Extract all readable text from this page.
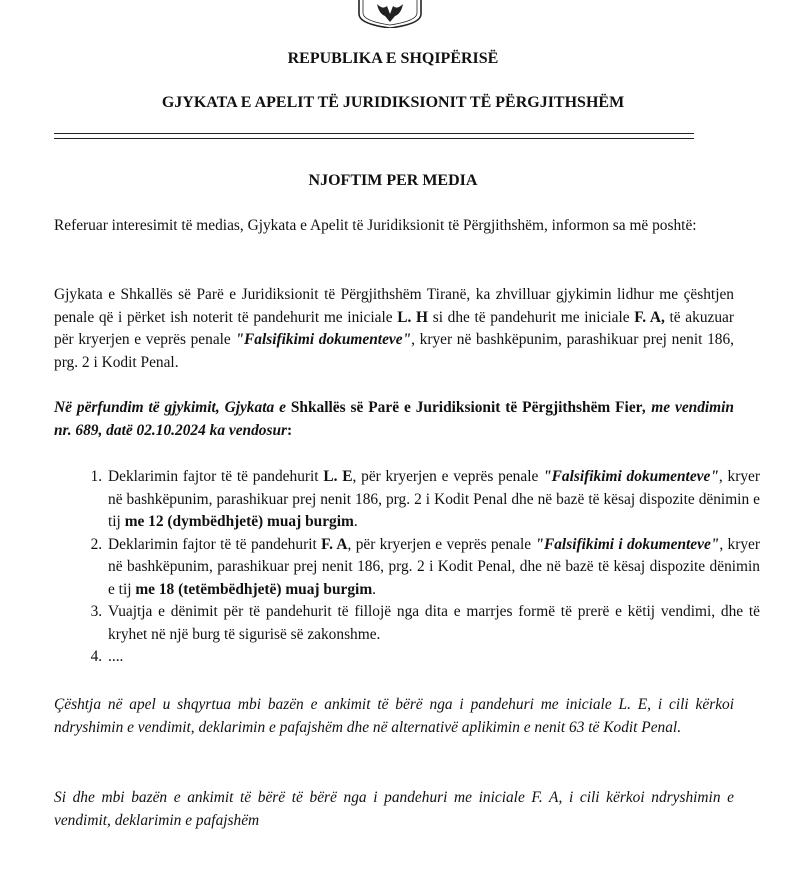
REPUBLIKA E SHQIPËRISË
GJYKATA E APELIT TË JURIDIKSIONIT TË PËRGJITHSHËM
NJOFTIM PER MEDIA

Referuar interesimit të medias, Gjykata e Apelit të Juridiksionit të Përgjithshëm, informon sa më poshtë:

Gjykata e Shkallës së Parë e Juridiksionit të Përgjithshëm Tiranë, ka zhvilluar gjykimin lidhur me çështjen penale që i përket ish noterit të pandehurit me iniciale L. H si dhe të pandehurit me iniciale F. A, të akuzuar për kryerjen e veprës penale "Falsifikimi dokumenteve", kryer në bashkëpunim, parashikuar prej nenit 186, prg. 2 i Kodit Penal.

Në përfundim të gjykimit, Gjykata e Shkallës së Parë e Juridiksionit të Përgjithshëm Fier, me vendimin nr. 689, datë 02.10.2024 ka vendosur:

1. Deklarimin fajtor të të pandehurit L. E, për kryerjen e veprës penale "Falsifikimi dokumenteve", kryer në bashkëpunim, parashikuar prej nenit 186, prg. 2 i Kodit Penal dhe në bazë të kësaj dispozite dënimin e tij me 12 (dymbëdhjetë) muaj burgim.
2. Deklarimin fajtor të të pandehurit F. A, për kryerjen e veprës penale "Falsifikimi i dokumenteve", kryer në bashkëpunim, parashikuar prej nenit 186, prg. 2 i Kodit Penal, dhe në bazë të kësaj dispozite dënimin e tij me 18 (tetëmbëdhjetë) muaj burgim.
3. Vuajtja e dënimit për të pandehurit të fillojë nga dita e marrjes formë të prerë e këtij vendimi, dhe të kryhet në një burg të sigurisë së zakonshme.
4. ....

Çështja në apel u shqyrtua mbi bazën e ankimit të bërë nga i pandehuri me iniciale L. E, i cili kërkoi ndryshimin e vendimit, deklarimin e pafajshëm dhe në alternativë aplikimin e nenit 63 të Kodit Penal.

Si dhe mbi bazën e ankimit të bërë të bërë nga i pandehuri me iniciale F. A, i cili kërkoi ndryshimin e vendimit, deklarimin e pafajshëm
